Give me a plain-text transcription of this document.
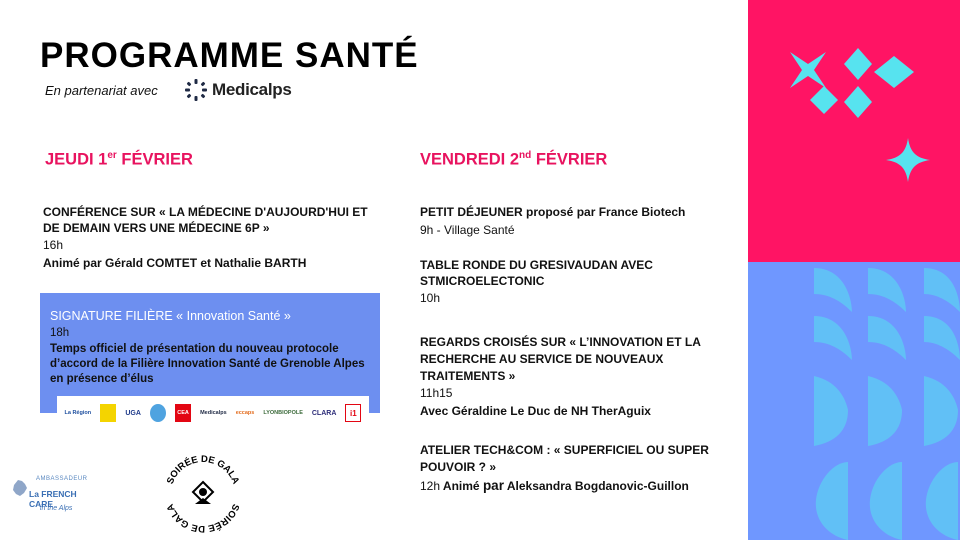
PROGRAMME SANTÉ
En partenariat avec	Medicalps
JEUDI 1er FÉVRIER
CONFÉRENCE SUR « LA MÉDECINE D'AUJOURD'HUI ET DE DEMAIN VERS UNE MÉDECINE 6P »
16h
Animé par Gérald COMTET et Nathalie BARTH
SIGNATURE FILIÈRE « Innovation Santé »
18h
Temps officiel de présentation du nouveau protocole d’accord de la Filière Innovation Santé de Grenoble Alpes en présence d’élus
La Région	UGA	CEA	Medicalps eccaps LYONBIOPOLE CLARA	i1
VENDREDI 2nd FÉVRIER
PETIT DÉJEUNER proposé par France Biotech
9h - Village Santé
TABLE RONDE DU GRESIVAUDAN AVEC STMICROELECTONIC
10h
REGARDS CROISÉS SUR « L’INNOVATION ET LA RECHERCHE AU SERVICE DE NOUVEAUX TRAITEMENTS »
11h15
Avec Géraldine Le Duc de NH TherAguix
ATELIER TECH&COM : « SUPERFICIEL OU SUPER POUVOIR ? »
12h Animé par Aleksandra Bogdanovic-Guillon
AMBASSADEUR
La FRENCH CARE
in the Alps
SOIRÉE DE GALA
SOIRÉE DE GALA
